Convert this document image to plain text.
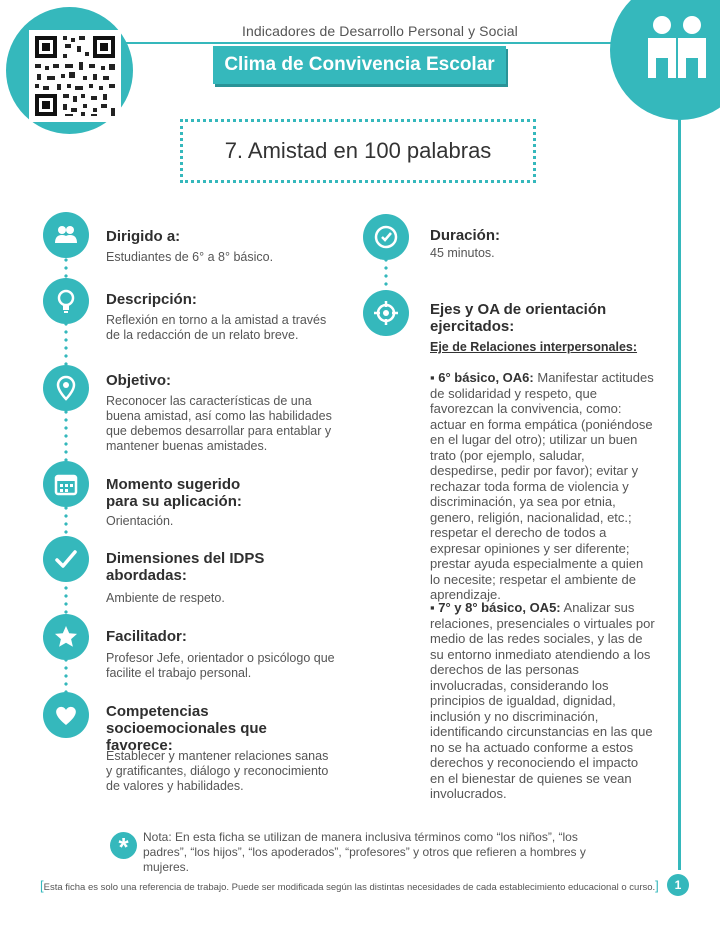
Indicadores de Desarrollo Personal y Social
Clima de Convivencia Escolar
7. Amistad en 100 palabras
Dirigido a:
Estudiantes de 6° a 8° básico.
Descripción:
Reflexión en torno a la amistad a través de la redacción de un relato breve.
Objetivo:
Reconocer las características de una buena amistad, así como las habilidades que debemos desarrollar para entablar y mantener buenas amistades.
Momento sugerido para su aplicación:
Orientación.
Dimensiones del IDPS abordadas:
Ambiente de respeto.
Facilitador:
Profesor Jefe, orientador o psicólogo que facilite el trabajo personal.
Competencias socioemocionales que favorece:
Establecer y mantener relaciones sanas y gratificantes, diálogo y reconocimiento de valores y habilidades.
Duración:
45 minutos.
Ejes y OA de orientación ejercitados:
Eje de Relaciones interpersonales:
▪ 6° básico, OA6: Manifestar actitudes de solidaridad y respeto, que favorezcan la convivencia, como: actuar en forma empática (poniéndose en el lugar del otro); utilizar un buen trato (por ejemplo, saludar, despedirse, pedir por favor); evitar y rechazar toda forma de violencia y discriminación, ya sea por etnia, genero, religión, nacionalidad, etc.; respetar el derecho de todos a expresar opiniones y ser diferente; prestar ayuda especialmente a quien lo necesite; respetar el ambiente de aprendizaje.
▪ 7° y 8° básico, OA5: Analizar sus relaciones, presenciales o virtuales por medio de las redes sociales, y las de su entorno inmediato atendiendo a los derechos de las personas involucradas, considerando los principios de igualdad, dignidad, inclusión y no discriminación, identificando circunstancias en las que no se ha actuado conforme a estos derechos y reconociendo el impacto en el bienestar de quienes se vean involucrados.
*	Nota: En esta ficha se utilizan de manera inclusiva términos como “los niños”, “los padres”, “los hijos”, “los apoderados”, “profesores” y otros que refieren a hombres y mujeres.
[Esta ficha es solo una referencia de trabajo. Puede ser modificada según las distintas necesidades de cada establecimiento educacional o curso.]	1
